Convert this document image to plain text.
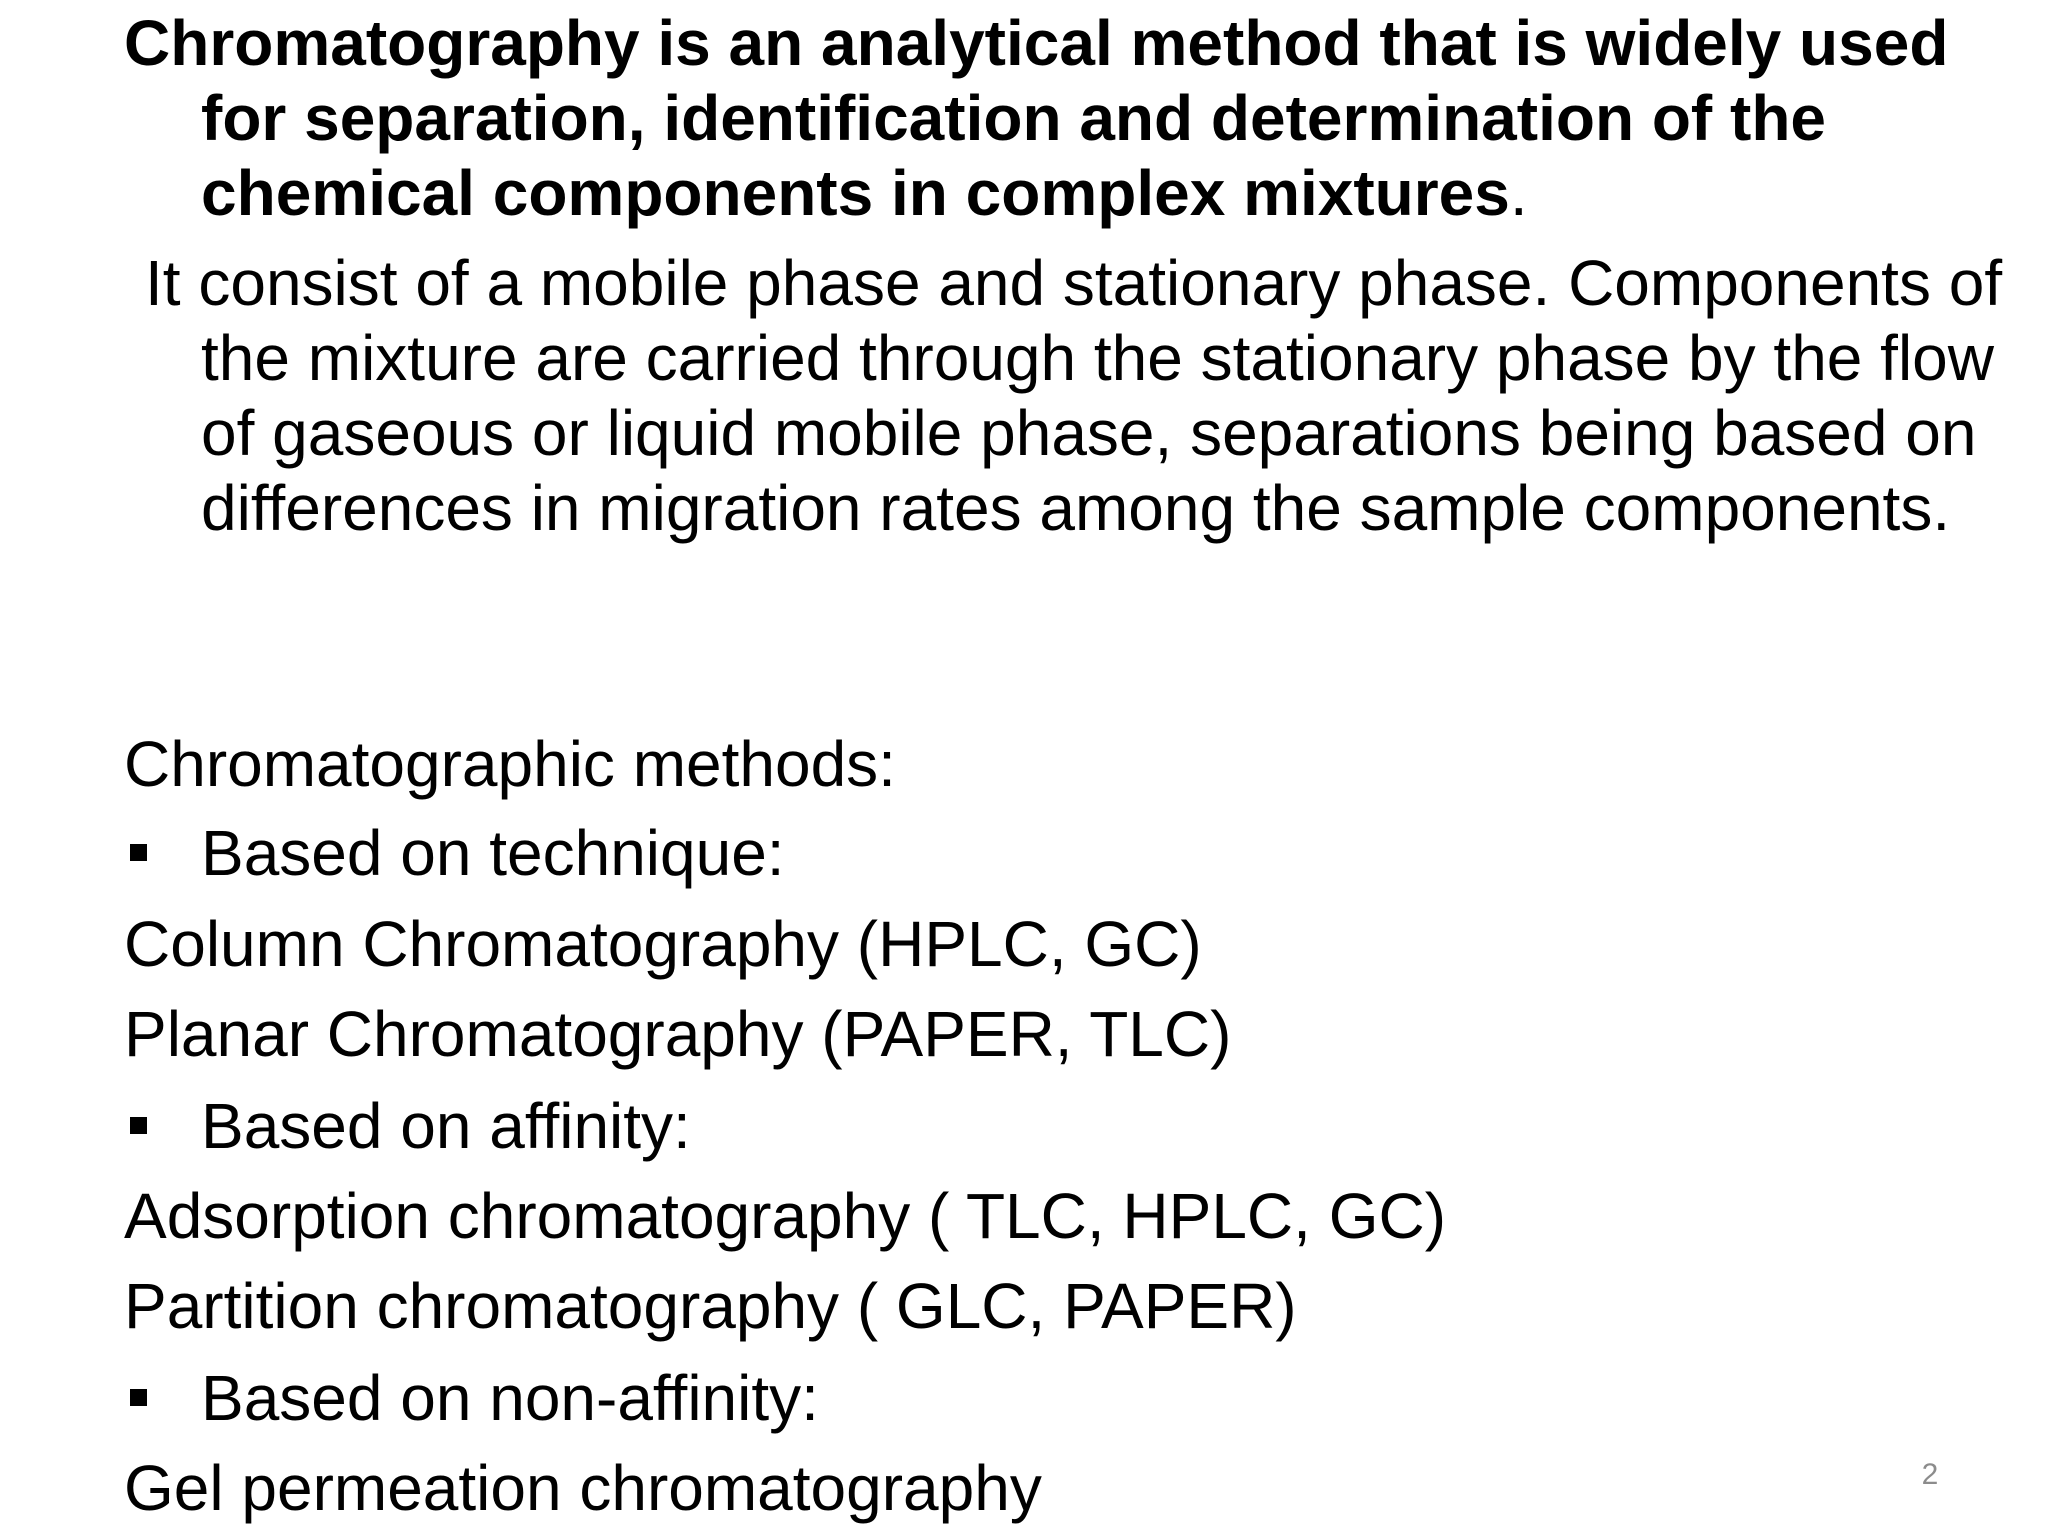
Chromatography is an analytical method that is widely used for separation, identification and determination of the chemical components in complex mixtures.

It consist of a mobile phase and stationary phase. Components of the mixture are carried through the stationary phase by the flow of gaseous or liquid mobile phase, separations being based on differences in migration rates among the sample components.

Chromatographic methods:
Based on technique:
Column Chromatography (HPLC, GC)
Planar Chromatography (PAPER, TLC)
Based on affinity:
Adsorption chromatography ( TLC, HPLC, GC)
Partition chromatography ( GLC, PAPER)
Based on non-affinity:
Gel permeation chromatography	2
